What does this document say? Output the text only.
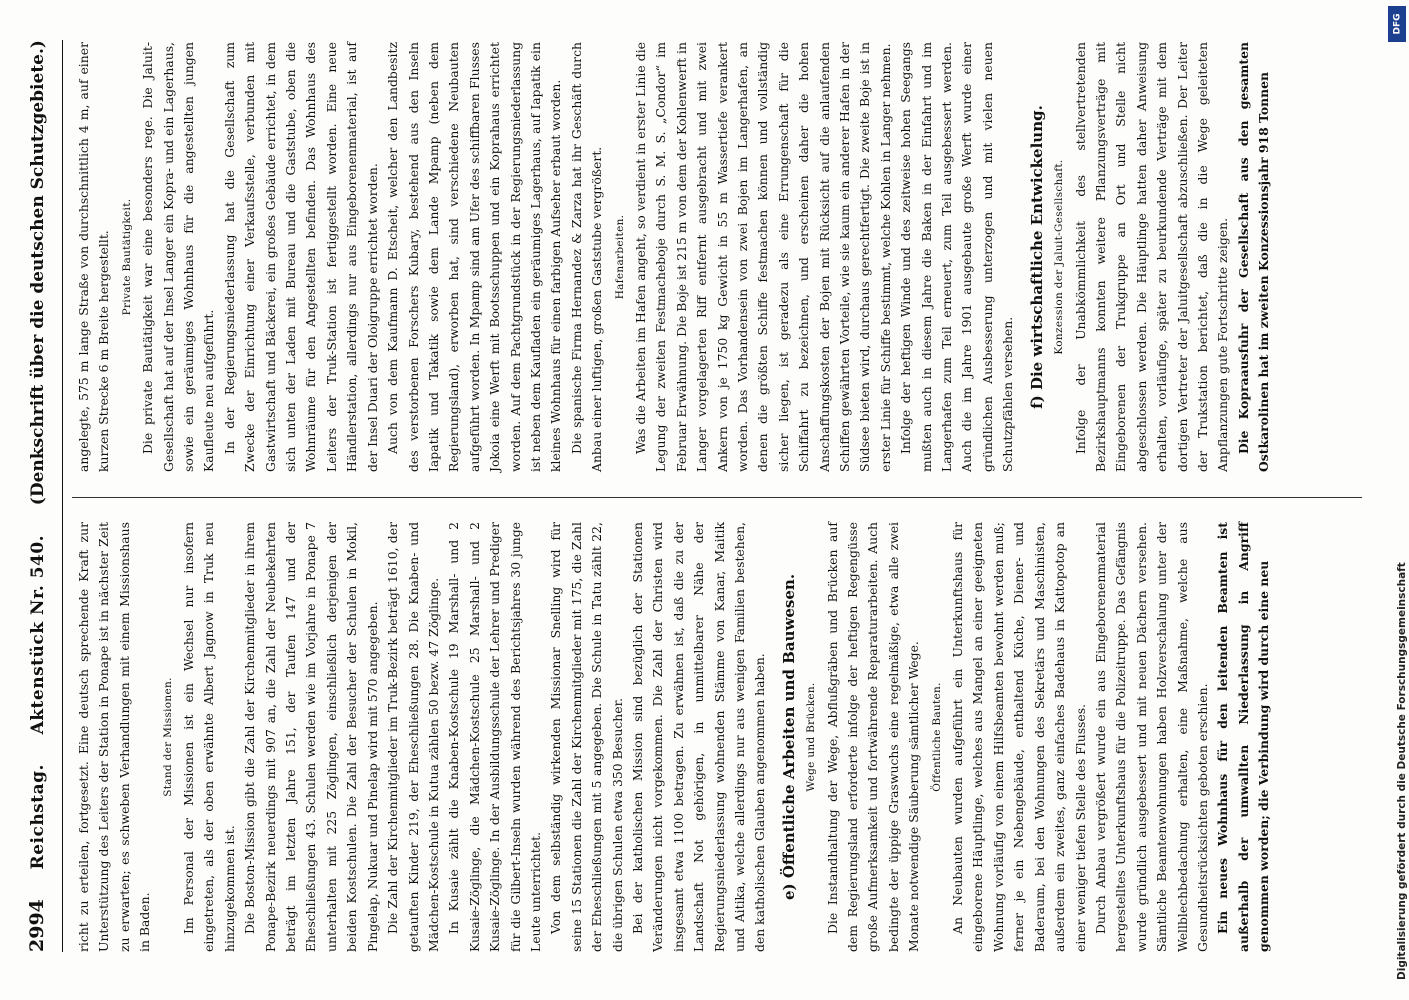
2994
Reichstag.
Aktenstück Nr. 540.
(Denkschrift über die deutschen Schutzgebiete.)

richt zu erteilen, fortgesetzt. Eine deutsch sprechende Kraft zur Unterstützung des Leiters der Station in Ponape ist in nächster Zeit zu erwarten; es schweben Verhandlungen mit einem Missionshaus in Baden.

Stand der Missionen. Im Personal der Missionen ist ein Wechsel nur insofern eingetreten, als der oben erwähnte Albert Jagnow in Truk neu hinzugekommen ist. Die Boston-Mission gibt die Zahl der Kirchenmitglieder in ihrem Ponape-Bezirk neuerdings mit 907 an, die Zahl der Neubekehrten beträgt im letzten Jahre 151, der Taufen 147 und der Eheschließungen 43. Schulen werden wie im Vorjahre in Ponape 7 unterhalten mit 225 Zöglingen, einschließlich derjenigen der beiden Kostschulen. Die Zahl der Besucher der Schulen in Mokil, Pingelap, Nukuar und Pinelap wird mit 570 angegeben. Die Zahl der Kirchenmitglieder im Truk-Bezirk beträgt 1610, der getauften Kinder 219, der Eheschließungen 28. Die Knaben- und Mädchen-Kostschule in Kutua zählen 50 bezw. 47 Zöglinge. In Kusaie zählt die Knaben-Kostschule 19 Marshall- und 2 Kusaie-Zöglinge, die Mädchen-Kostschule 25 Marshall- und 2 Kusaie-Zöglinge. In der Ausbildungsschule der Lehrer und Prediger für die Gilbert-Inseln wurden während des Berichtsjahres 30 junge Leute unterrichtet. Von dem selbständig wirkenden Missionar Snelling wird für seine 15 Stationen die Zahl der Kirchenmitglieder mit 175, die Zahl der Eheschließungen mit 5 angegeben. Die Schule in Tatu zählt 22, die übrigen Schulen etwa 350 Besucher. Bei der katholischen Mission sind bezüglich der Stationen Veränderungen nicht vorgekommen. Die Zahl der Christen wird insgesamt etwa 1100 betragen. Zu erwähnen ist, daß die zu der Landschaft Not gehörigen, in unmittelbarer Nähe der Regierungsniederlassung wohnenden Stämme von Kanar, Maitik und Aitika, welche allerdings nur aus wenigen Familien bestehen, den katholischen Glauben angenommen haben. e) Öffentliche Arbeiten und Bauwesen. Wege und Brücken. Die Instandhaltung der Wege, Abflußgräben und Brücken auf dem Regierungsland erforderte infolge der heftigen Regengüsse große Aufmerksamkeit und fortwährende Reparaturarbeiten. Auch bedingte der üppige Graswuchs eine regelmäßige, etwa alle zwei Monate notwendige Säuberung sämtlicher Wege. Öffentliche Bauten. An Neubauten wurden aufgeführt ein Unterkunftshaus für eingeborene Häuptlinge, welches aus Mangel an einer geeigneten Wohnung vorläufig von einem Hilfsbeamten bewohnt werden muß; ferner je ein Nebengebäude, enthaltend Küche, Diener- und Baderaum, bei den Wohnungen des Sekretärs und Maschinisten, außerdem ein zweites, ganz einfaches Badehaus in Kattopotop an einer weniger tiefen Stelle des Flusses. Durch Anbau vergrößert wurde ein aus Eingeborenenmaterial hergestelltes Unterkunftshaus für die Polizeitruppe. Das Gefängnis wurde gründlich ausgebessert und mit neuen Dächern versehen. Sämtliche Beamtenwohnungen haben Holzverschalung unter der Wellblechbedachung erhalten, eine Maßnahme, welche aus Gesundheitsrücksichten geboten erschien. Ein neues Wohnhaus für den leitenden Beamten ist außerhalb der umwallten Niederlassung in Angriff genommen worden; die Verbindung wird durch eine neu

angelegte, 575 m lange Straße von durchschnittlich 4 m, auf einer kurzen Strecke 6 m Breite hergestellt. Private Bautätigkeit. Die private Bautätigkeit war eine besonders rege. Die Jaluit-Gesellschaft hat auf der Insel Langer ein Kopra- und ein Lagerhaus, sowie ein geräumiges Wohnhaus für die angestellten jungen Kaufleute neu aufgeführt. In der Regierungsniederlassung hat die Gesellschaft zum Zwecke der Einrichtung einer Verkaufsstelle, verbunden mit Gastwirtschaft und Bäckerei, ein großes Gebäude errichtet, in dem sich unten der Laden mit Bureau und die Gaststube, oben die Wohnräume für den Angestellten befinden. Das Wohnhaus des Leiters der Truk-Station ist fertiggestellt worden. Eine neue Händlerstation, allerdings nur aus Eingeborenenmaterial, ist auf der Insel Duari der Oloigruppe errichtet worden. Auch von dem Kaufmann D. Etscheit, welcher den Landbesitz des verstorbenen Forschers Kubary, bestehend aus den Inseln Iapatik und Takatik sowie dem Lande Mpamp (neben dem Regierungsland), erworben hat, sind verschiedene Neubauten aufgeführt worden. In Mpamp sind am Ufer des schiffbaren Flusses Jokoia eine Werft mit Bootsschuppen und ein Koprahaus errichtet worden. Auf dem Pachtgrundstück in der Regierungsniederlassung ist neben dem Kaufladen ein geräumiges Lagerhaus, auf Iapatik ein kleines Wohnhaus für einen farbigen Aufseher erbaut worden. Die spanische Firma Hernandez & Zarza hat ihr Geschäft durch Anbau einer luftigen, großen Gaststube vergrößert. Hafenarbeiten. Was die Arbeiten im Hafen angeht, so verdient in erster Linie die Legung der zweiten Festmacheboje durch S. M. S. „Condor“ im Februar Erwähnung. Die Boje ist 215 m von dem der Kohlenwerft in Langer vorgelagerten Riff entfernt ausgebracht und mit zwei Ankern von je 1750 kg Gewicht in 55 m Wassertiefe verankert worden. Das Vorhandensein von zwei Bojen im Langerhafen, an denen die größten Schiffe festmachen können und vollständig sicher liegen, ist geradezu als eine Errungenschaft für die Schiffahrt zu bezeichnen, und erscheinen daher die hohen Anschaffungskosten der Bojen mit Rücksicht auf die anlaufenden Schiffen gewährten Vorteile, wie sie kaum ein anderer Hafen in der Südsee bieten wird, durchaus gerechtfertigt. Die zweite Boje ist in erster Linie für Schiffe bestimmt, welche Kohlen in Langer nehmen. Infolge der heftigen Winde und des zeitweise hohen Seegangs mußten auch in diesem Jahre die Baken in der Einfahrt und im Langerhafen zum Teil erneuert, zum Teil ausgebessert werden. Auch die im Jahre 1901 ausgebaute große Werft wurde einer gründlichen Ausbesserung unterzogen und mit vielen neuen Schutzpfählen versehen. f) Die wirtschaftliche Entwickelung. Konzession der Jaluit-Gesellschaft. Infolge der Unabkömmlichkeit des stellvertretenden Bezirkshauptmanns konnten weitere Pflanzungsverträge mit Eingeborenen der Trukgruppe an Ort und Stelle nicht abgeschlossen werden. Die Häuptlinge hatten daher Anweisung erhalten, vorläufige, später zu beurkundende Verträge mit dem dortigen Vertreter der Jaluitgesellschaft abzuschließen. Der Leiter der Trukstation berichtet, daß die in die Wege geleiteten Anpflanzungen gute Fortschritte zeigen. Die Kopraausfuhr der Gesellschaft aus den gesamten Ostkarolinen hat im zweiten Konzessionsjahr 918 Tonnen

Digitalisierung gefördert durch die Deutsche Forschungsgemeinschaft
DFG
